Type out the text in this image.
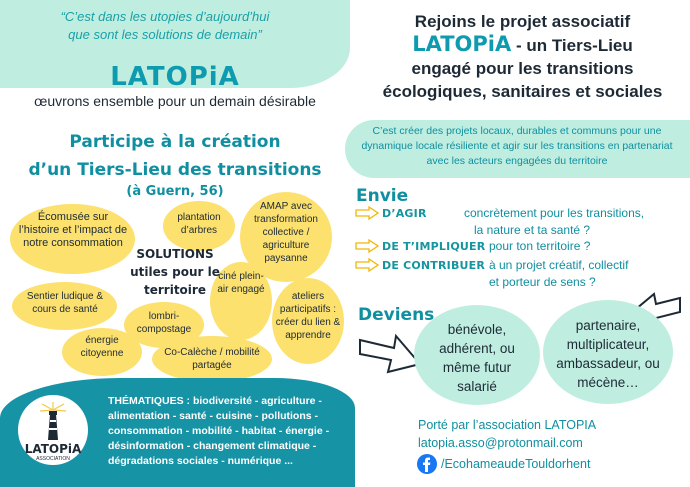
“C’est dans les utopies d’aujourd’hui
que sont les solutions de demain”
LATOPiA
œuvrons ensemble pour un demain désirable
Participe à la création
d’un Tiers-Lieu des transitions
(à Guern, 56)
Écomusée sur l’histoire et l’impact de notre consommation
plantation d’arbres
AMAP avec transformation collective / agriculture paysanne
ciné plein-air engagé
ateliers participatifs : créer du lien & apprendre
Sentier ludique & cours de santé
lombri-compostage
énergie citoyenne	Co-Calèche / mobilité partagée
SOLUTIONS
utiles pour le
territoire
LATOPiA
ASSOCIATION
THÉMATIQUES : biodiversité - agriculture - alimentation - santé - cuisine - pollutions - consommation - mobilité - habitat - énergie - désinformation - changement climatique - dégradations sociales - numérique ...
Rejoins le projet associatif
LATOPiA - un Tiers-Lieu
engagé pour les transitions
écologiques, sanitaires et sociales
C’est créer des projets locaux, durables et communs pour une dynamique locale résiliente et agir sur les transitions en partenariat avec les acteurs engagées du territoire
Envie
D’AGIR	concrètement pour les transitions,
la nature et ta santé ?
DE T’IMPLIQUER pour ton territoire ?
DE CONTRIBUER à un projet créatif, collectif
et porteur de sens ?
Deviens
bénévole, adhérent, ou même futur salarié
partenaire, multiplicateur, ambassadeur, ou mécène…
Porté par l’association LATOPIA
latopia.asso@protonmail.com
/EcohameaudeTouldorhent
